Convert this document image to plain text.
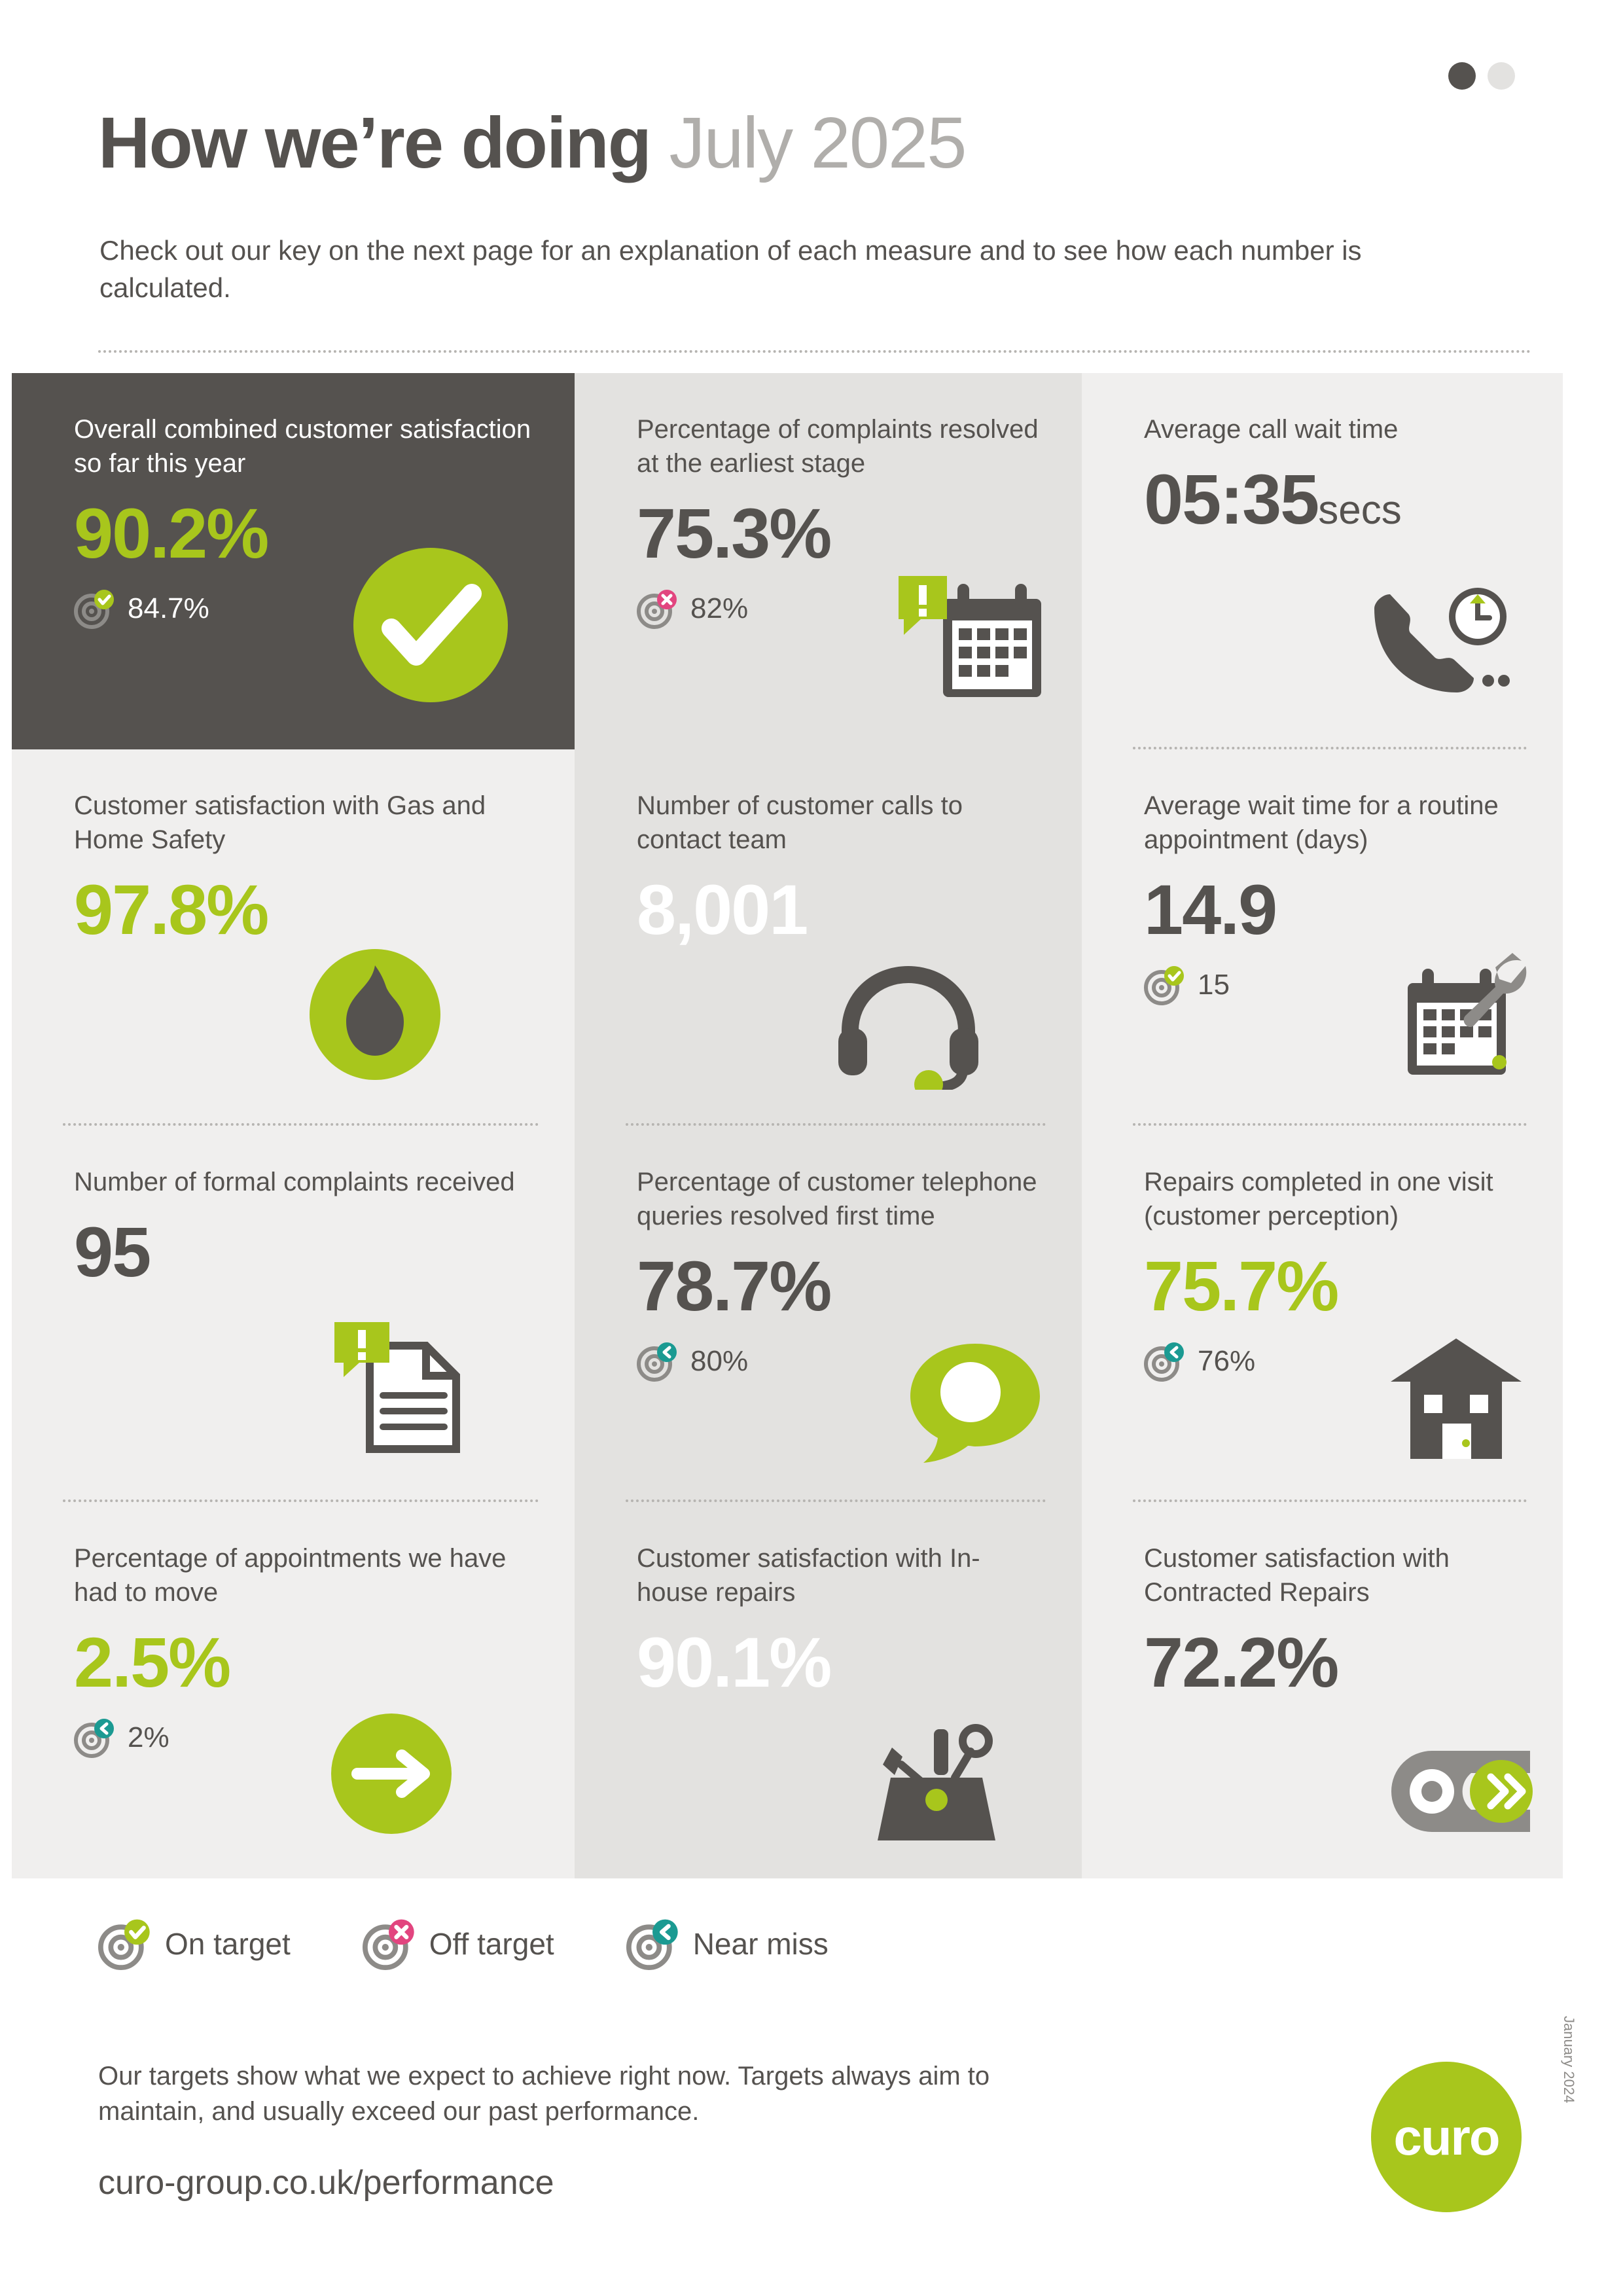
How we’re doing July 2025
Check out our key on the next page for an explanation of each measure and to see how each number is calculated.
Overall combined customer satisfaction so far this year
90.2%
84.7%
Percentage of complaints resolved at the earliest stage
75.3%
82%
Average call wait time
05:35secs
Customer satisfaction with Gas and Home Safety
97.8%
Number of customer calls to contact team
8,001
Average wait time for a routine appointment (days)
14.9
15
Number of formal complaints received
95
Percentage of customer telephone queries resolved first time
78.7%
80%
Repairs completed in one visit (customer perception)
75.7%
76%
Percentage of appointments we have had to move
2.5%
2%
Customer satisfaction with In-house repairs
90.1%
Customer satisfaction with Contracted Repairs
72.2%
On target	Off target	Near miss
Our targets show what we expect to achieve right now. Targets always aim to maintain, and usually exceed our past performance.
curo-group.co.uk/performance
curo
January 2024
